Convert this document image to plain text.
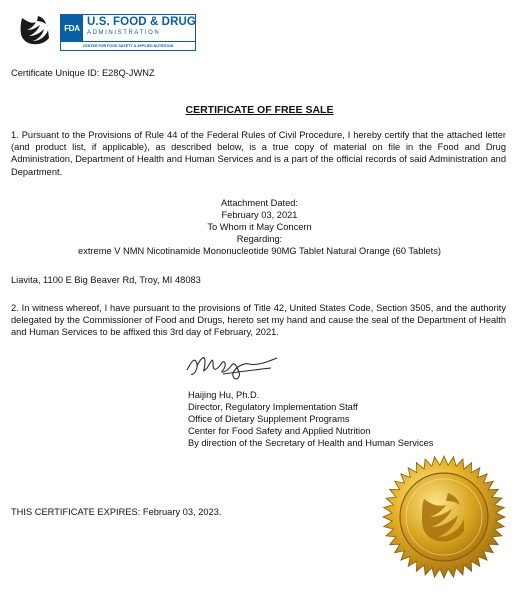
FDA
U.S. FOOD & DRUG
ADMINISTRATION
CENTER FOR FOOD SAFETY & APPLIED NUTRITION
Certificate Unique ID: E28Q-JWNZ
CERTIFICATE OF FREE SALE
1. Pursuant to the Provisions of Rule 44 of the Federal Rules of Civil Procedure, I hereby certify that the attached letter (and product list, if applicable), as described below, is a true copy of material on file in the Food and Drug Administration, Department of Health and Human Services and is a part of the official records of said Administration and Department.
Attachment Dated:
February 03, 2021
To Whom it May Concern
Regarding:
extreme V NMN Nicotinamide Mononucleotide 90MG Tablet Natural Orange (60 Tablets)
Liavita, 1100 E Big Beaver Rd, Troy, MI 48083
2. In witness whereof, I have pursuant to the provisions of Title 42, United States Code, Section 3505, and the authority delegated by the Commissioner of Food and Drugs, hereto set my hand and cause the seal of the Department of Health and Human Services to be affixed this 3rd day of February, 2021.
Haijing Hu, Ph.D.
Director, Regulatory Implementation Staff
Office of Dietary Supplement Programs
Center for Food Safety and Applied Nutrition
By direction of the Secretary of Health and Human Services
THIS CERTIFICATE EXPIRES: February 03, 2023.
